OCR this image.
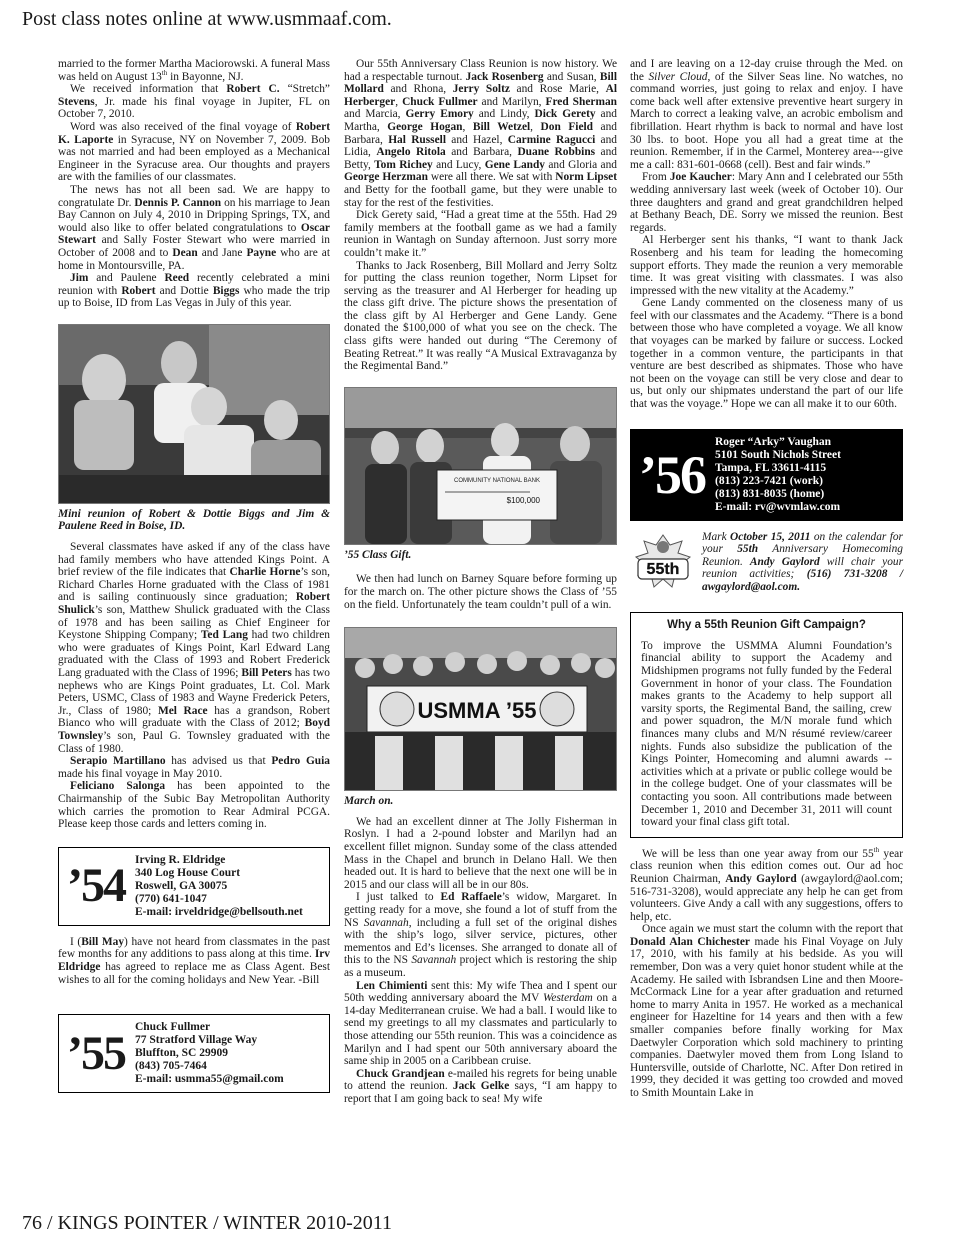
Post class notes online at www.usmmaaf.com.

married to the former Martha Maciorowski. A funeral Mass was held on August 13th in Bayonne, NJ.

We received information that Robert C. “Stretch” Stevens, Jr. made his final voyage in Jupiter, FL on October 7, 2010.

Word was also received of the final voyage of Robert K. Laporte in Syracuse, NY on November 7, 2009. Bob was not married and had been employed as a Mechanical Engineer in the Syracuse area. Our thoughts and prayers are with the families of our classmates.

The news has not all been sad. We are happy to congratulate Dr. Dennis P. Cannon on his marriage to Jean Bay Cannon on July 4, 2010 in Dripping Springs, TX, and would also like to offer belated congratulations to Oscar Stewart and Sally Foster Stewart who were married in October of 2008 and to Dean and Jane Payne who are at home in Montoursville, PA.

Jim and Paulene Reed recently celebrated a mini reunion with Robert and Dottie Biggs who made the trip up to Boise, ID from Las Vegas in July of this year.

Mini reunion of Robert & Dottie Biggs and Jim & Paulene Reed in Boise, ID.

Several classmates have asked if any of the class have had family members who have attended Kings Point. A brief review of the file indicates that Charlie Horne’s son, Richard Charles Horne graduated with the Class of 1981 and is sailing continuously since graduation; Robert Shulick’s son, Matthew Shulick graduated with the Class of 1978 and has been sailing as Chief Engineer for Keystone Shipping Company; Ted Lang had two children who were graduates of Kings Point, Karl Edward Lang graduated with the Class of 1993 and Robert Frederick Lang graduated with the Class of 1996; Bill Peters has two nephews who are Kings Point graduates, Lt. Col. Mark Peters, USMC, Class of 1983 and Wayne Frederick Peters, Jr., Class of 1980; Mel Race has a grandson, Robert Bianco who will graduate with the Class of 2012; Boyd Townsley’s son, Paul G. Townsley graduated with the Class of 1980.

Serapio Martillano has advised us that Pedro Guia made his final voyage in May 2010.

Feliciano Salonga has been appointed to the Chairmanship of the Subic Bay Metropolitan Authority which carries the promotion to Rear Admiral PCGA. Please keep those cards and letters coming in.

’54 Irving R. Eldridge
340 Log House Court
Roswell, GA 30075
(770) 641-1047
E-mail: irveldridge@bellsouth.net

I (Bill May) have not heard from classmates in the past few months for any additions to pass along at this time. Irv Eldridge has agreed to replace me as Class Agent. Best wishes to all for the coming holidays and New Year. -Bill

’55 Chuck Fullmer
77 Stratford Village Way
Bluffton, SC 29909
(843) 705-7464
E-mail: usmma55@gmail.com

Our 55th Anniversary Class Reunion is now history. We had a respectable turnout. Jack Rosenberg and Susan, Bill Mollard and Rhona, Jerry Soltz and Rose Marie, Al Herberger, Chuck Fullmer and Marilyn, Fred Sherman and Marcia, Gerry Emory and Lindy, Dick Gerety and Martha, George Hogan, Bill Wetzel, Don Field and Barbara, Hal Russell and Hazel, Carmine Ragucci and Lidia, Angelo Ritola and Barbara, Duane Robbins and Betty, Tom Richey and Lucy, Gene Landy and Gloria and George Herzman were all there. We sat with Norm Lipset and Betty for the football game, but they were unable to stay for the rest of the festivities.

Dick Gerety said, “Had a great time at the 55th. Had 29 family members at the football game as we had a family reunion in Wantagh on Sunday afternoon. Just sorry more couldn’t make it.”

Thanks to Jack Rosenberg, Bill Mollard and Jerry Soltz for putting the class reunion together, Norm Lipset for serving as the treasurer and Al Herberger for heading up the class gift drive. The picture shows the presentation of the class gift by Al Herberger and Gene Landy. Gene donated the $100,000 of what you see on the check. The class gifts were handed out during “The Ceremony of Beating Retreat.” It was really “A Musical Extravaganza by the Regimental Band.”

COMMUNITY NATIONAL BANK
$100,000
’55 Class Gift.

We then had lunch on Barney Square before forming up for the march on. The other picture shows the Class of ’55 on the field. Unfortunately the team couldn’t pull of a win.

USMMA ’55
March on.

We had an excellent dinner at The Jolly Fisherman in Roslyn. I had a 2-pound lobster and Marilyn had an excellent fillet mignon. Sunday some of the class attended Mass in the Chapel and brunch in Delano Hall. We then headed out. It is hard to believe that the next one will be in 2015 and our class will all be in our 80s.

I just talked to Ed Raffaele’s widow, Margaret. In getting ready for a move, she found a lot of stuff from the NS Savannah, including a full set of the original dishes with the ship’s logo, silver service, pictures, other mementos and Ed’s licenses. She arranged to donate all of this to the NS Savannah project which is restoring the ship as a museum.

Len Chimienti sent this: My wife Thea and I spent our 50th wedding anniversary aboard the MV Westerdam on a 14-day Mediterranean cruise. We had a ball. I would like to send my greetings to all my classmates and particularly to those attending our 55th reunion. This was a coincidence as Marilyn and I had spent our 50th anniversary aboard the same ship in 2005 on a Caribbean cruise.

Chuck Grandjean e-mailed his regrets for being unable to attend the reunion. Jack Gelke says, “I am happy to report that I am going back to sea! My wife

and I are leaving on a 12-day cruise through the Med. on the Silver Cloud, of the Silver Seas line. No watches, no command worries, just going to relax and enjoy. I have come back well after extensive preventive heart surgery in March to correct a leaking valve, an acrobic embolism and fibrillation. Heart rhythm is back to normal and have lost 30 lbs. to boot. Hope you all had a great time at the reunion. Remember, if in the Carmel, Monterey area---give me a call: 831-601-0668 (cell). Best and fair winds.”

From Joe Kaucher: Mary Ann and I celebrated our 55th wedding anniversary last week (week of October 10). Our three daughters and grand and great grandchildren helped at Bethany Beach, DE. Sorry we missed the reunion. Best regards.

Al Herberger sent his thanks, “I want to thank Jack Rosenberg and his team for leading the homecoming support efforts. They made the reunion a very memorable time. It was great visiting with classmates. I was also impressed with the new vitality at the Academy.”

Gene Landy commented on the closeness many of us feel with our classmates and the Academy. “There is a bond between those who have completed a voyage. We all know that voyages can be marked by failure or success. Locked together in a common venture, the participants in that venture are best described as shipmates. Those who have not been on the voyage can still be very close and dear to us, but only our shipmates understand the part of our life that was the voyage.” Hope we can all make it to our 60th.

’56
Roger “Arky” Vaughan
5101 South Nichols Street
Tampa, FL 33611-4115
(813) 223-7421 (work)
(813) 831-8035 (home)
E-mail: rv@wvmlaw.com
55th
Mark October 15, 2011 on the calendar for your 55th Anniversary Homecoming Reunion. Andy Gaylord will chair your reunion activities; (516) 731-3208 / awgaylord@aol.com.
Why a 55th Reunion Gift Campaign?

To improve the USMMA Alumni Foundation’s financial ability to support the Academy and Midshipmen programs not fully funded by the Federal Government in honor of your class. The Foundation makes grants to the Academy to help support all varsity sports, the Regimental Band, the sailing, crew and power squadron, the M/N morale fund which finances many clubs and M/N résumé review/career nights. Funds also subsidize the publication of the Kings Pointer, Homecoming and alumni awards -- activities which at a private or public college would be in the college budget. One of your classmates will be contacting you soon. All contributions made between December 1, 2010 and December 31, 2011 will count toward your final class gift total.

We will be less than one year away from our 55th year class reunion when this edition comes out. Our ad hoc Reunion Chairman, Andy Gaylord (awgaylord@aol.com; 516-731-3208), would appreciate any help he can get from volunteers. Give Andy a call with any suggestions, offers to help, etc.

Once again we must start the column with the report that Donald Alan Chichester made his Final Voyage on July 17, 2010, with his family at his bedside. As you will remember, Don was a very quiet honor student while at the Academy. He sailed with Isbrandsen Line and then Moore-McCormack Line for a year after graduation and returned home to marry Anita in 1957. He worked as a mechanical engineer for Hazeltine for 14 years and then with a few smaller companies before finally working for Max Daetwyler Corporation which sold machinery to printing companies. Daetwyler moved them from Long Island to Huntersville, outside of Charlotte, NC. After Don retired in 1999, they decided it was getting too crowded and moved to Smith Mountain Lake in

76 / KINGS POINTER / WINTER 2010-2011
